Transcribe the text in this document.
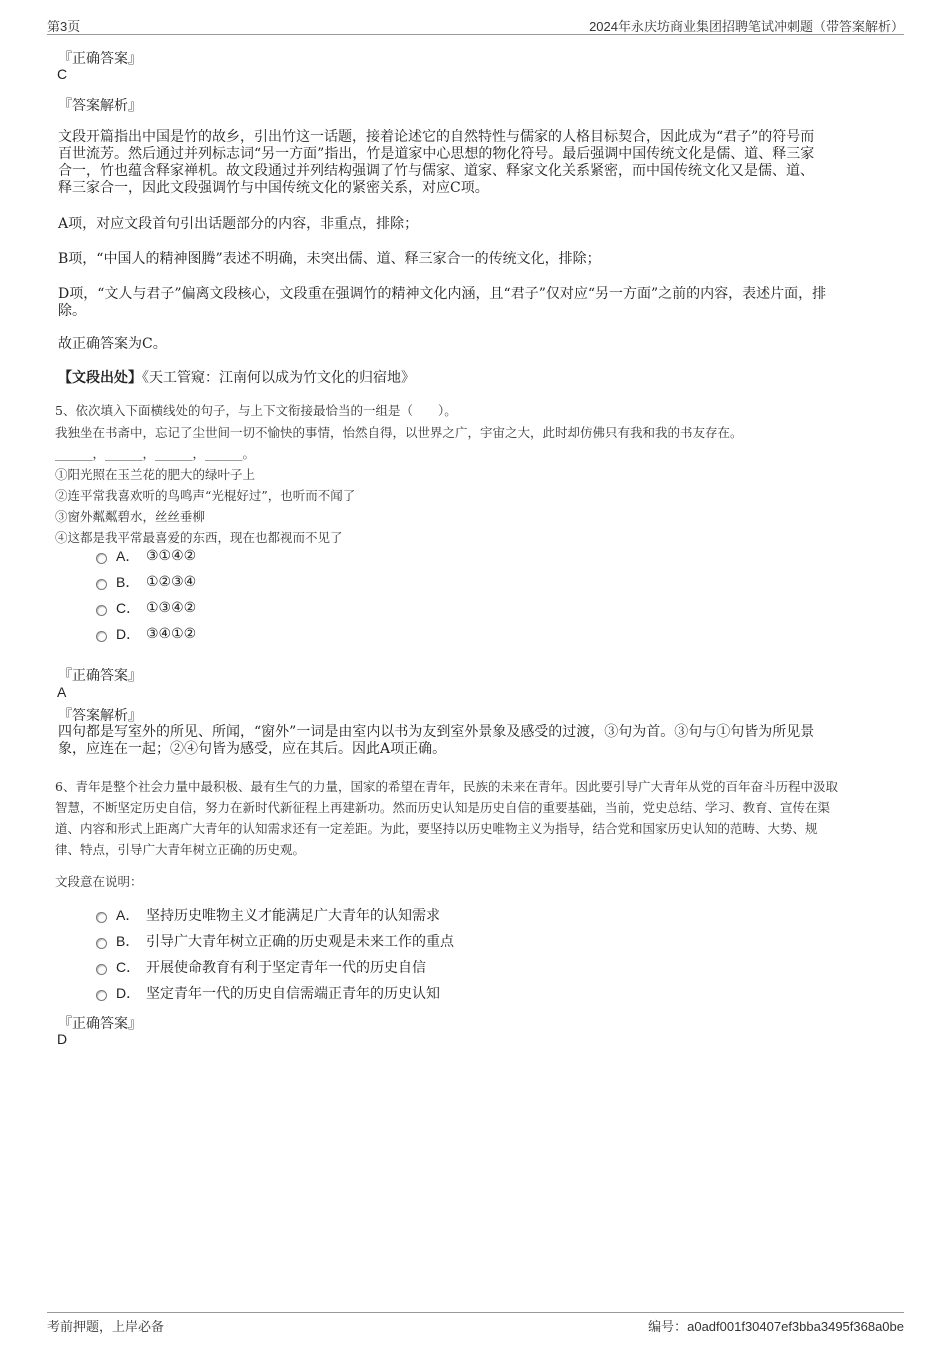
第3页	2024年永庆坊商业集团招聘笔试冲刺题（带答案解析）
『正确答案』
C
『答案解析』
文段开篇指出中国是竹的故乡，引出竹这一话题，接着论述它的自然特性与儒家的人格目标契合，因此成为“君子”的符号而
百世流芳。然后通过并列标志词“另一方面”指出，竹是道家中心思想的物化符号。最后强调中国传统文化是儒、道、释三家
合一，竹也蕴含释家禅机。故文段通过并列结构强调了竹与儒家、道家、释家文化关系紧密，而中国传统文化又是儒、道、
释三家合一，因此文段强调竹与中国传统文化的紧密关系，对应C项。
A项，对应文段首句引出话题部分的内容，非重点，排除；
B项，“中国人的精神图腾”表述不明确，未突出儒、道、释三家合一的传统文化，排除；
D项，“文人与君子”偏离文段核心，文段重在强调竹的精神文化内涵，且“君子”仅对应“另一方面”之前的内容，表述片面，排
除。
故正确答案为C。
【文段出处】《天工管窥：江南何以成为竹文化的归宿地》
5、依次填入下面横线处的句子，与上下文衔接最恰当的一组是（　　）。
我独坐在书斋中，忘记了尘世间一切不愉快的事情，怡然自得，以世界之广，宇宙之大，此时却仿佛只有我和我的书友存在。
______，______，______，______。
①阳光照在玉兰花的肥大的绿叶子上
②连平常我喜欢听的鸟鸣声“光棍好过”，也听而不闻了
③窗外粼粼碧水，丝丝垂柳
④这都是我平常最喜爱的东西，现在也都视而不见了
A． ③①④②
B． ①②③④
C． ①③④②
D． ③④①②
『正确答案』
A
『答案解析』
四句都是写室外的所见、所闻，“窗外”一词是由室内以书为友到室外景象及感受的过渡，③句为首。③句与①句皆为所见景
象，应连在一起；②④句皆为感受，应在其后。因此A项正确。
6、青年是整个社会力量中最积极、最有生气的力量，国家的希望在青年，民族的未来在青年。因此要引导广大青年从党的百年奋斗历程中汲取
智慧，不断坚定历史自信，努力在新时代新征程上再建新功。然而历史认知是历史自信的重要基础，当前，党史总结、学习、教育、宣传在渠
道、内容和形式上距离广大青年的认知需求还有一定差距。为此，要坚持以历史唯物主义为指导，结合党和国家历史认知的范畴、大势、规
律、特点，引导广大青年树立正确的历史观。
文段意在说明：
A． 坚持历史唯物主义才能满足广大青年的认知需求
B． 引导广大青年树立正确的历史观是未来工作的重点
C． 开展使命教育有利于坚定青年一代的历史自信
D． 坚定青年一代的历史自信需端正青年的历史认知
『正确答案』
D
考前押题，上岸必备	编号：a0adf001f30407ef3bba3495f368a0be
